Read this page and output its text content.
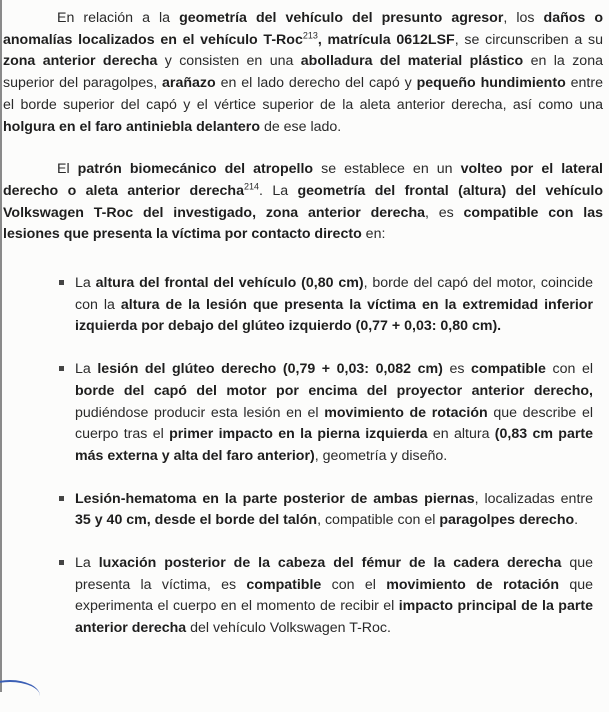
En relación a la geometría del vehículo del presunto agresor, los daños o anomalías localizados en el vehículo T-Roc$^{213}$, matrícula 0612LSF, se circunscriben a su zona anterior derecha y consisten en una abolladura del material plástico en la zona superior del paragolpes, arañazo en el lado derecho del capó y pequeño hundimiento entre el borde superior del capó y el vértice superior de la aleta anterior derecha, así como una holgura en el faro antiniebla delantero de ese lado.

El patrón biomecánico del atropello se establece en un volteo por el lateral derecho o aleta anterior derecha$^{214}$. La geometría del frontal (altura) del vehículo Volkswagen T-Roc del investigado, zona anterior derecha, es compatible con las lesiones que presenta la víctima por contacto directo en:

La altura del frontal del vehículo (0,80 cm), borde del capó del motor, coincide con la altura de la lesión que presenta la víctima en la extremidad inferior izquierda por debajo del glúteo izquierdo (0,77 + 0,03: 0,80 cm).
La lesión del glúteo derecho (0,79 + 0,03: 0,082 cm) es compatible con el borde del capó del motor por encima del proyector anterior derecho, pudiéndose producir esta lesión en el movimiento de rotación que describe el cuerpo tras el primer impacto en la pierna izquierda en altura (0,83 cm parte más externa y alta del faro anterior), geometría y diseño.
Lesión-hematoma en la parte posterior de ambas piernas, localizadas entre 35 y 40 cm, desde el borde del talón, compatible con el paragolpes derecho.
La luxación posterior de la cabeza del fémur de la cadera derecha que presenta la víctima, es compatible con el movimiento de rotación que experimenta el cuerpo en el momento de recibir el impacto principal de la parte anterior derecha del vehículo Volkswagen T-Roc.
